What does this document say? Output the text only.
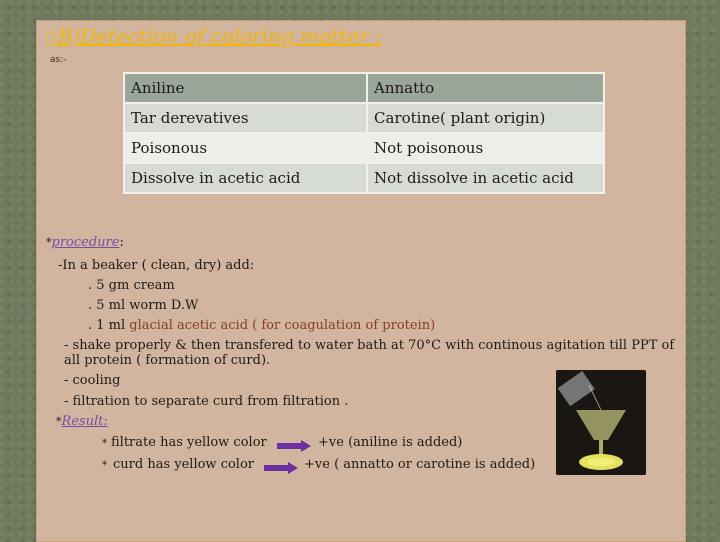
B)Detection of coloring matter :
as:-
Aniline	Annatto
Tar derevatives	Carotine( plant origin)
Poisonous	Not poisonous
Dissolve in acetic acid	Not dissolve in acetic acid
*procedure:
-In a beaker ( clean, dry) add:
. 5 gm cream
. 5 ml worm D.W
. 1 ml glacial acetic acid ( for coagulation of protein)
- shake properly & then transfered to water bath at 70°C with continous agitation till PPT of
all protein ( formation of curd).
- cooling
- filtration to separate curd from filtration .
*Result:
* filtrate has yellow color	+ve (aniline is added)
* curd has yellow color	+ve ( annatto or carotine is added)
